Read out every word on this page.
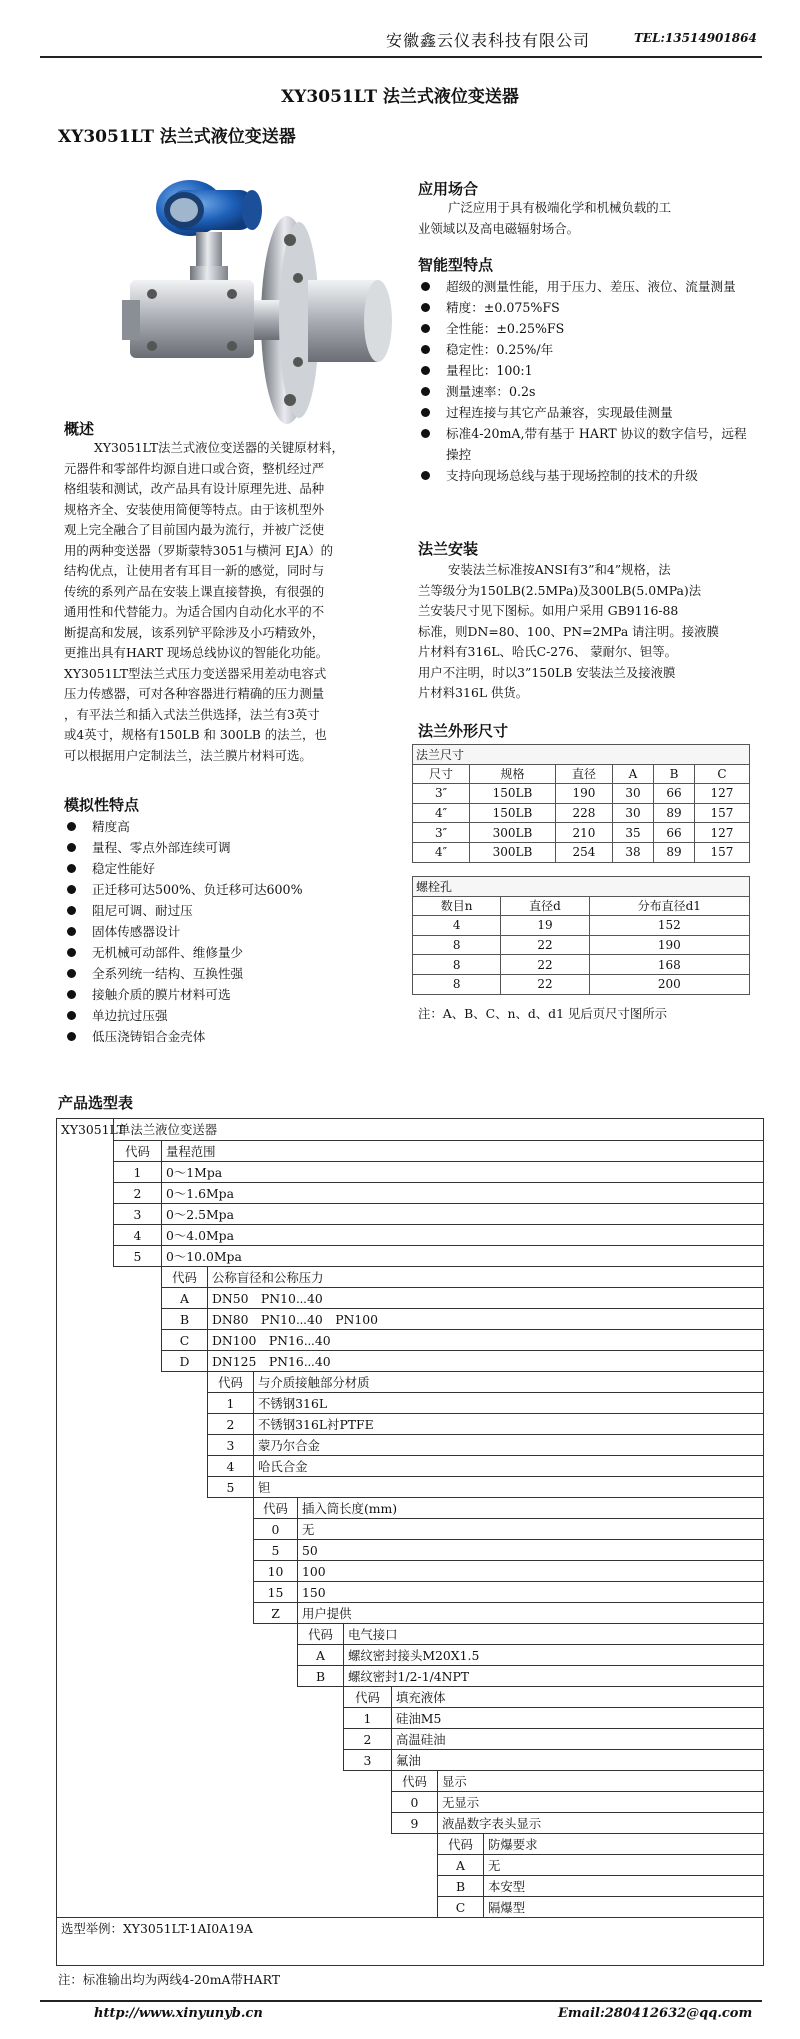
安徽鑫云仪表科技有限公司	TEL:13514901864
XY3051LT 法兰式液位变送器
XY3051LT 法兰式液位变送器
概述
XY3051LT法兰式液位变送器的关键原材料，
元器件和零部件均源自进口或合资，整机经过严
格组装和测试，改产品具有设计原理先进、品种
规格齐全、安装使用简便等特点。由于该机型外
观上完全融合了目前国内最为流行，并被广泛使
用的两种变送器（罗斯蒙特3051与横河 EJA）的
结构优点，让使用者有耳目一新的感觉，同时与
传统的系列产品在安装上课直接替换，有很强的
通用性和代替能力。为适合国内自动化水平的不
断提高和发展，该系列铲平除涉及小巧精致外，
更推出具有HART 现场总线协议的智能化功能。
XY3051LT型法兰式压力变送器采用差动电容式
压力传感器，可对各种容器进行精确的压力测量
，有平法兰和插入式法兰供选择，法兰有3英寸
或4英寸，规格有150LB 和 300LB 的法兰，也
可以根据用户定制法兰，法兰膜片材料可选。
模拟性特点
精度高
量程、零点外部连续可调
稳定性能好
正迁移可达500%、负迁移可达600%
阻尼可调、耐过压
固体传感器设计
无机械可动部件、维修量少
全系列统一结构、互换性强
接触介质的膜片材料可选
单边抗过压强
低压浇铸铝合金壳体
应用场合
广泛应用于具有极端化学和机械负载的工
业领域以及高电磁辐射场合。
智能型特点
超级的测量性能，用于压力、差压、液位、流量测量
精度：±0.075%FS
全性能：±0.25%FS
稳定性：0.25%/年
量程比：100:1
测量速率：0.2s
过程连接与其它产品兼容，实现最佳测量
标准4-20mA,带有基于 HART 协议的数字信号，远程操控
支持向现场总线与基于现场控制的技术的升级
法兰安装
安装法兰标准按ANSI有3”和4”规格，法
兰等级分为150LB(2.5MPa)及300LB(5.0MPa)法
兰安装尺寸见下图标。如用户采用 GB9116-88
标准，则DN=80、100、PN=2MPa 请注明。接液膜
片材料有316L、哈氏C-276、 蒙耐尔、钽等。
用户不注明，时以3”150LB 安装法兰及接液膜
片材料316L 供货。
法兰外形尺寸
法兰尺寸					
尺寸	规格	直径	A	B	C
3″	150LB	190	30	66	127
4″	150LB	228	30	89	157
3″	300LB	210	35	66	127
4″	300LB	254	38	89	157
螺栓孔		
数目n	直径d	分布直径d1
4	19	152
8	22	190
8	22	168
8	22	200
注：A、B、C、n、d、d1 见后页尺寸图所示
产品选型表
XY3051LT
单法兰液位变送器
代码	量程范围
1	0～1Mpa
2	0～1.6Mpa
3	0～2.5Mpa
4	0～4.0Mpa
5	0～10.0Mpa
代码	公称盲径和公称压力
A	DN50　PN10⋯40
B	DN80　PN10⋯40　PN100
C	DN100　PN16⋯40
D	DN125　PN16⋯40
代码	与介质接触部分材质
1	不锈钢316L
2	不锈钢316L衬PTFE
3	蒙乃尔合金
4	哈氏合金
5	钽
代码	插入筒长度(mm)
0	无
5	50
10	100
15	150
Z	用户提供
代码	电气接口
A	螺纹密封接头M20X1.5
B	螺纹密封1/2-1/4NPT
代码	填充液体
1	硅油M5
2	高温硅油
3	氟油
代码	显示
0	无显示
9	液晶数字表头显示
代码	防爆要求
A	无
B	本安型
C	隔爆型
选型举例：XY3051LT-1AI0A19A
注：标准输出均为两线4-20mA带HART
http://www.xinyunyb.cn	Email:280412632@qq.com
